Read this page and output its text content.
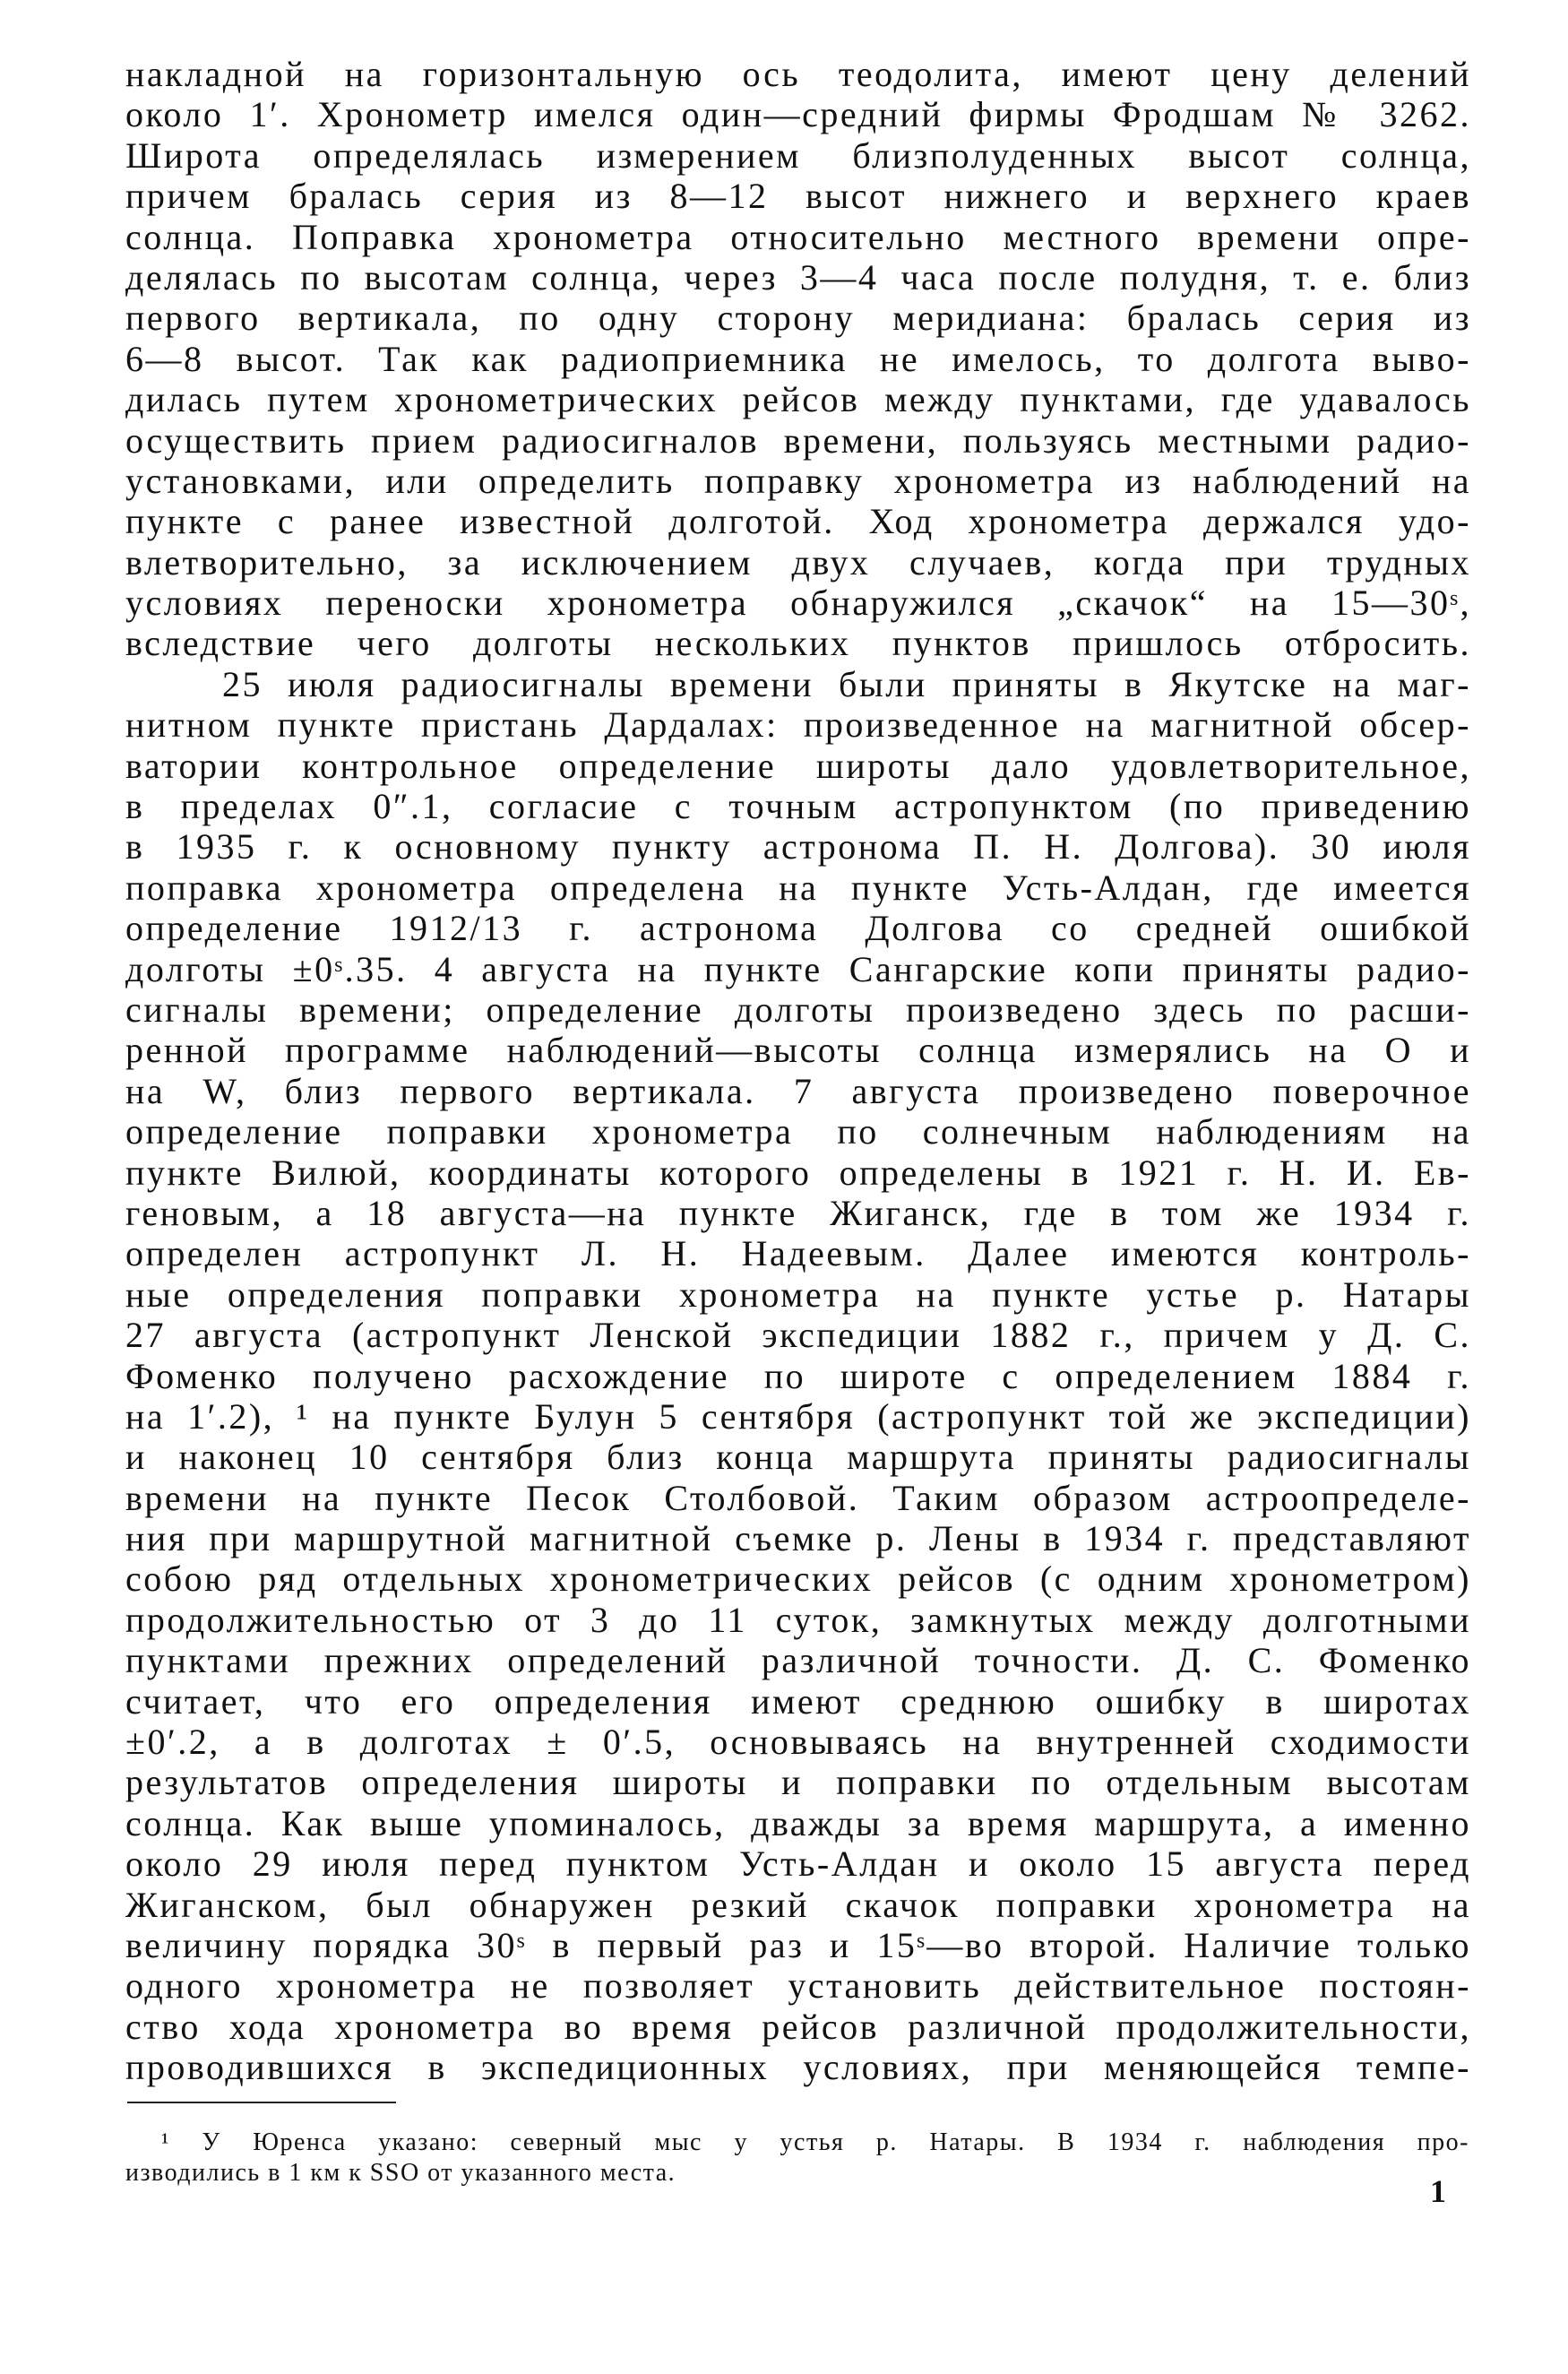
накладной на горизонтальную ось теодолита, имеют цену делений
около 1′. Хронометр имелся один—средний фирмы Фродшам № 3262.
Широта определялась измерением близполуденных высот солнца,
причем бралась серия из 8—12 высот нижнего и верхнего краев
солнца. Поправка хронометра относительно местного времени опре-
делялась по высотам солнца, через 3—4 часа после полудня, т. е. близ
первого вертикала, по одну сторону меридиана: бралась серия из
6—8 высот. Так как радиоприемника не имелось, то долгота выво-
дилась путем хронометрических рейсов между пунктами, где удавалось
осуществить прием радиосигналов времени, пользуясь местными радио-
установками, или определить поправку хронометра из наблюдений на
пункте с ранее известной долготой. Ход хронометра держался удо-
влетворительно, за исключением двух случаев, когда при трудных
условиях переноски хронометра обнаружился „скачок“ на 15—30ˢ,
вследствие чего долготы нескольких пунктов пришлось отбросить.
25 июля радиосигналы времени были приняты в Якутске на маг-
нитном пункте пристань Дардалах: произведенное на магнитной обсер-
ватории контрольное определение широты дало удовлетворительное,
в пределах 0″.1, согласие с точным астропунктом (по приведению
в 1935 г. к основному пункту астронома П. Н. Долгова). 30 июля
поправка хронометра определена на пункте Усть-Алдан, где имеется
определение 1912/13 г. астронома Долгова со средней ошибкой
долготы ±0ˢ.35. 4 августа на пункте Сангарские копи приняты радио-
сигналы времени; определение долготы произведено здесь по расши-
ренной программе наблюдений—высоты солнца измерялись на О и
на W, близ первого вертикала. 7 августа произведено поверочное
определение поправки хронометра по солнечным наблюдениям на
пункте Вилюй, координаты которого определены в 1921 г. Н. И. Ев-
геновым, а 18 августа—на пункте Жиганск, где в том же 1934 г.
определен астропункт Л. Н. Надеевым. Далее имеются контроль-
ные определения поправки хронометра на пункте устье р. Натары
27 августа (астропункт Ленской экспедиции 1882 г., причем у Д. С.
Фоменко получено расхождение по широте с определением 1884 г.
на 1′.2), ¹ на пункте Булун 5 сентября (астропункт той же экспедиции)
и наконец 10 сентября близ конца маршрута приняты радиосигналы
времени на пункте Песок Столбовой. Таким образом астроопределе-
ния при маршрутной магнитной съемке р. Лены в 1934 г. представляют
собою ряд отдельных хронометрических рейсов (с одним хронометром)
продолжительностью от 3 до 11 суток, замкнутых между долготными
пунктами прежних определений различной точности. Д. С. Фоменко
считает, что его определения имеют среднюю ошибку в широтах
±0′.2, а в долготах ± 0′.5, основываясь на внутренней сходимости
результатов определения широты и поправки по отдельным высотам
солнца. Как выше упоминалось, дважды за время маршрута, а именно
около 29 июля перед пунктом Усть-Алдан и около 15 августа перед
Жиганском, был обнаружен резкий скачок поправки хронометра на
величину порядка 30ˢ в первый раз и 15ˢ—во второй. Наличие только
одного хронометра не позволяет установить действительное постоян-
ство хода хронометра во время рейсов различной продолжительности,
проводившихся в экспедиционных условиях, при меняющейся темпе-
¹ У Юренса указано: северный мыс у устья р. Натары. В 1934 г. наблюдения про-
изводились в 1 км к SSO от указанного места.
1
